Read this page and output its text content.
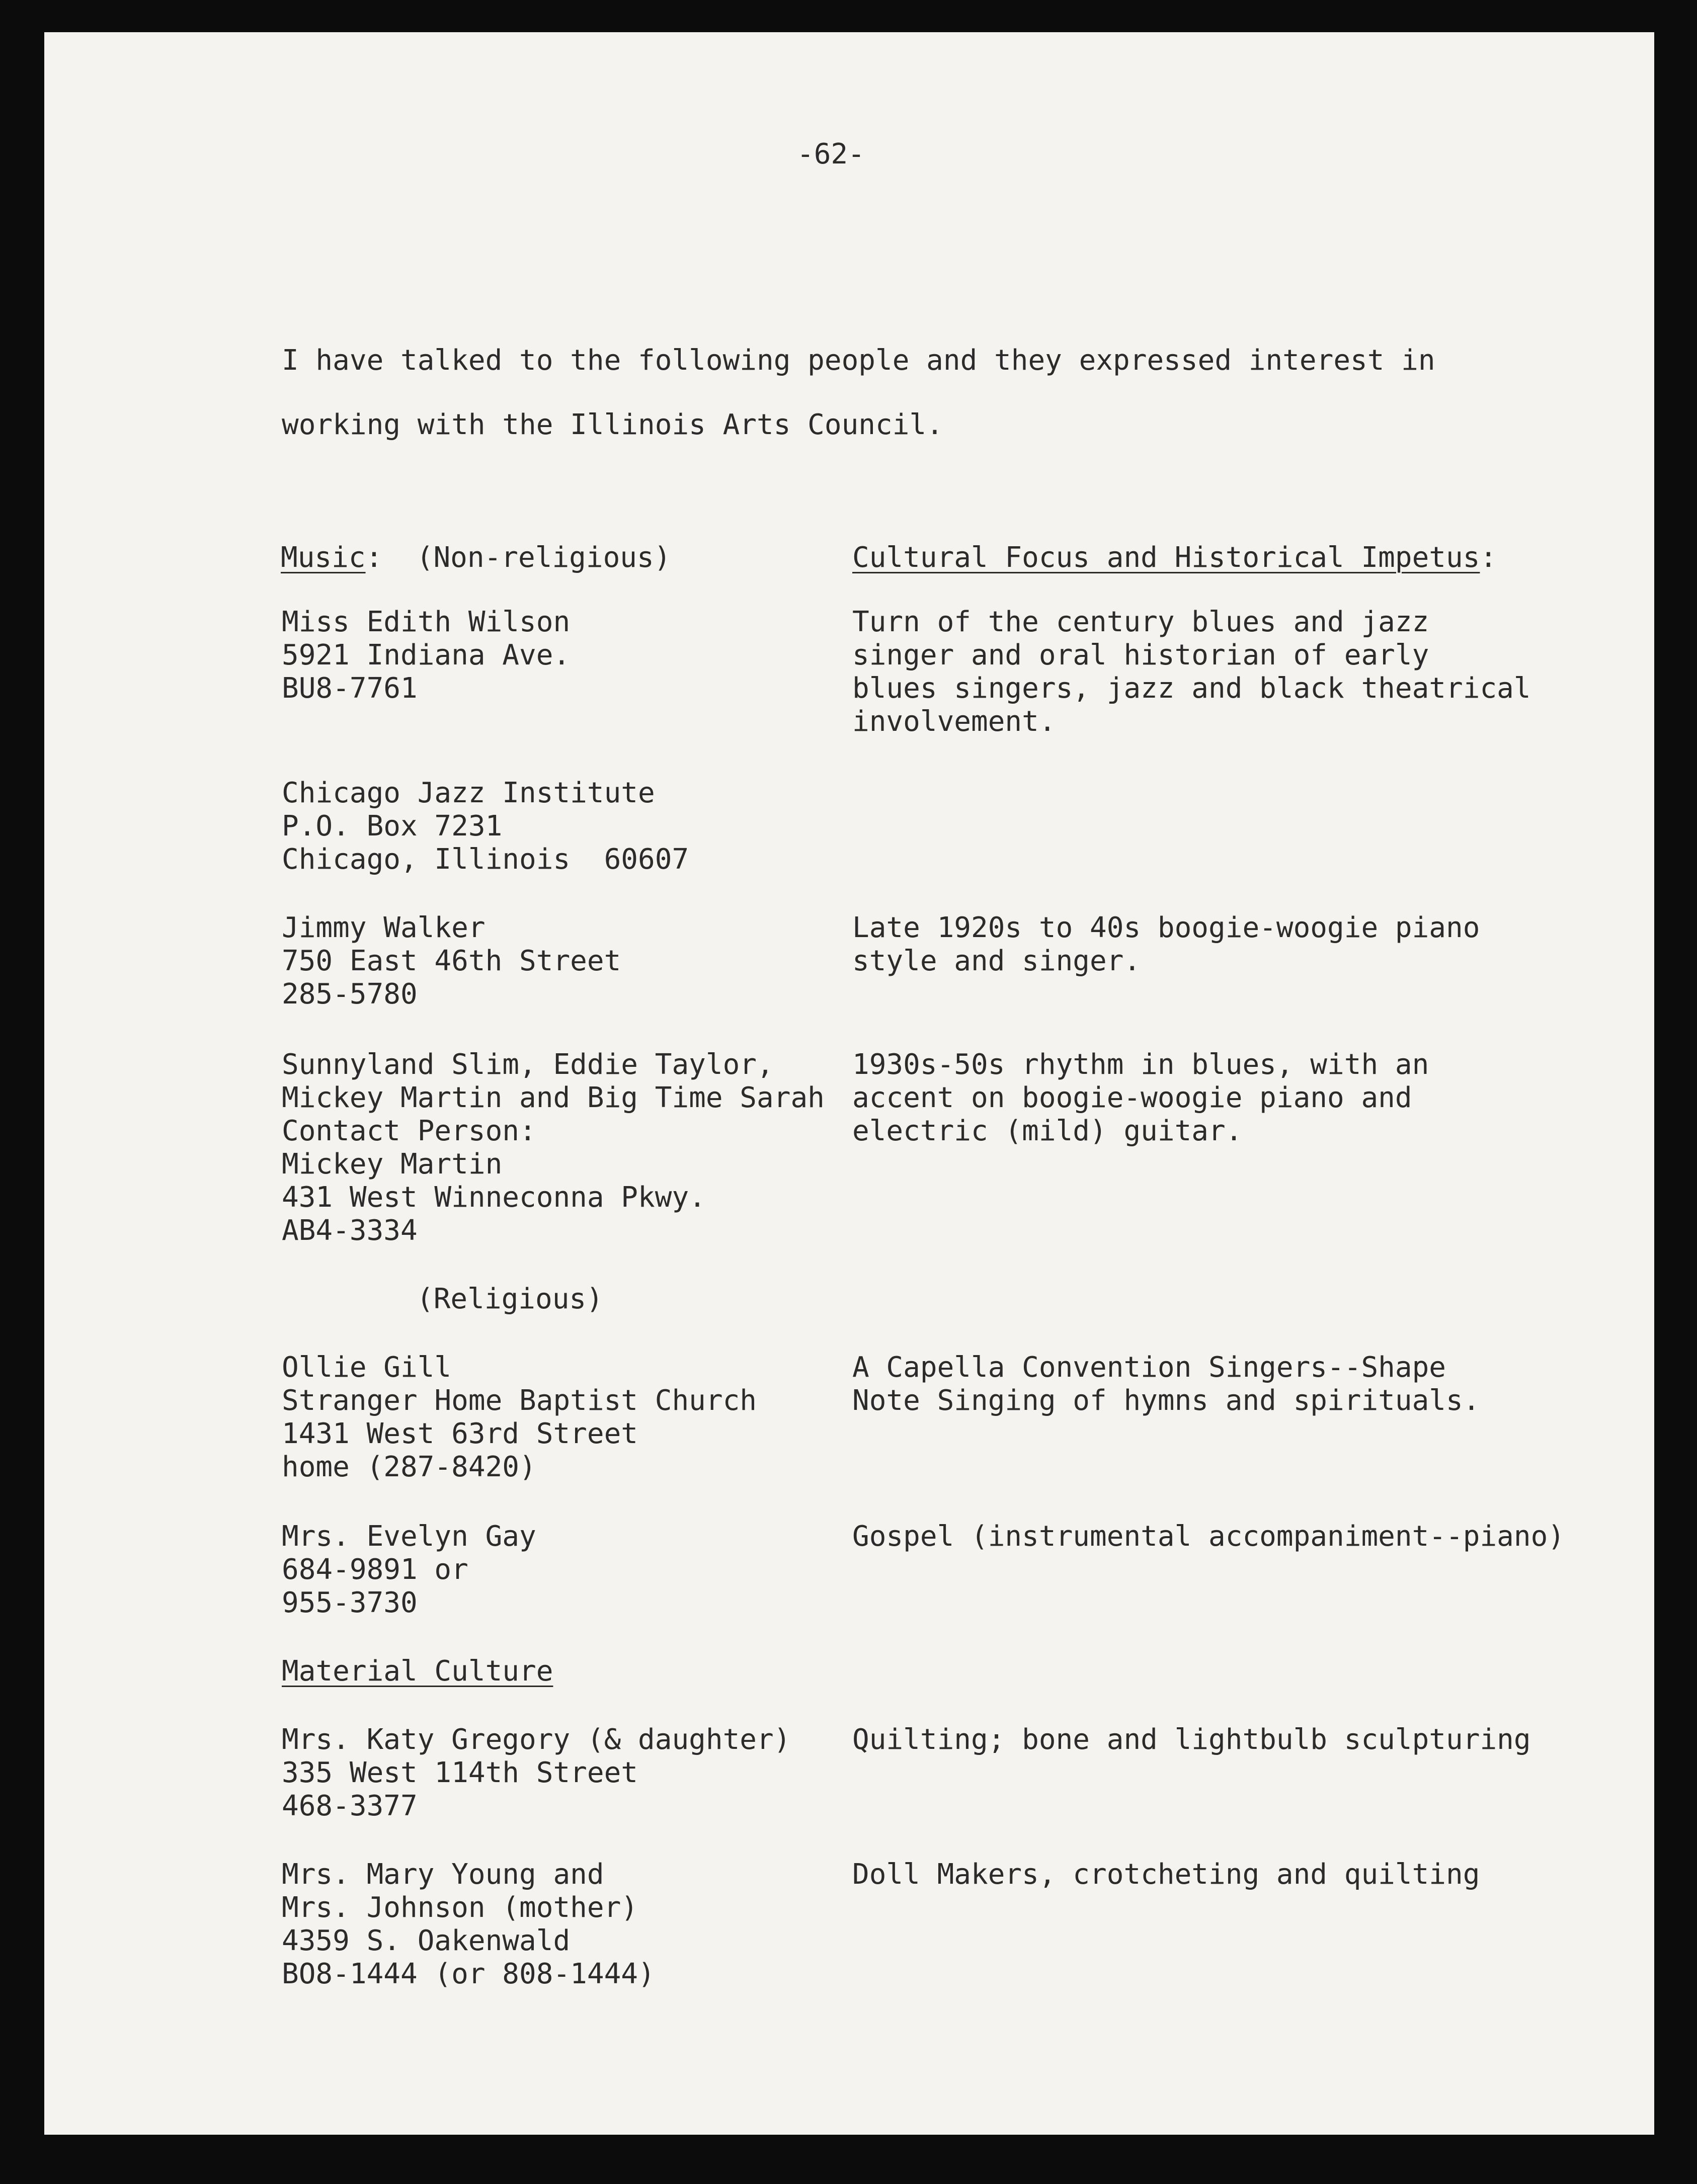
-62-
I have talked to the following people and they expressed interest in
working with the Illinois Arts Council.
Music:  (Non-religious)	Cultural Focus and Historical Impetus:
Miss Edith Wilson
5921 Indiana Ave.
BU8-7761
Turn of the century blues and jazz
singer and oral historian of early
blues singers, jazz and black theatrical
involvement.
Chicago Jazz Institute
P.O. Box 7231
Chicago, Illinois  60607
Jimmy Walker
750 East 46th Street
285-5780
Late 1920s to 40s boogie-woogie piano
style and singer.
Sunnyland Slim, Eddie Taylor,
Mickey Martin and Big Time Sarah
Contact Person:
Mickey Martin
431 West Winneconna Pkwy.
AB4-3334
1930s-50s rhythm in blues, with an
accent on boogie-woogie piano and
electric (mild) guitar.
(Religious)
Ollie Gill
Stranger Home Baptist Church
1431 West 63rd Street
home (287-8420)
A Capella Convention Singers--Shape
Note Singing of hymns and spirituals.
Mrs. Evelyn Gay
684-9891 or
955-3730
Gospel (instrumental accompaniment--piano)
Material Culture
Mrs. Katy Gregory (& daughter)
335 West 114th Street
468-3377
Quilting; bone and lightbulb sculpturing
Mrs. Mary Young and
Mrs. Johnson (mother)
4359 S. Oakenwald
BO8-1444 (or 808-1444)
Doll Makers, crotcheting and quilting
